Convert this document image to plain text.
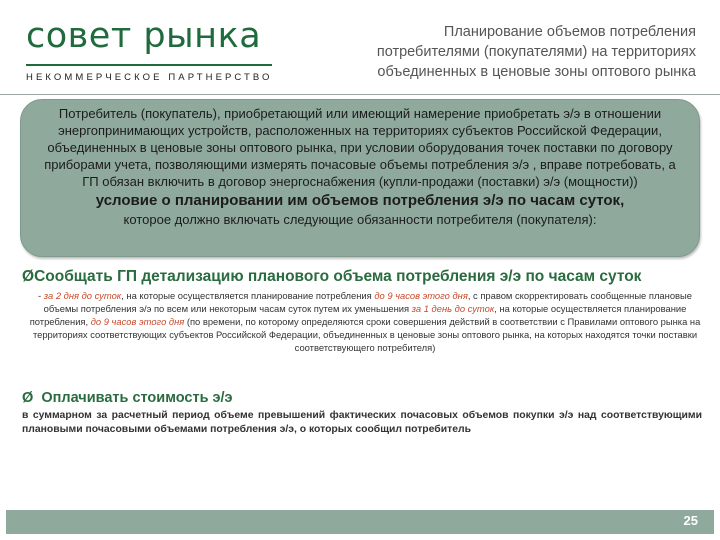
совет рынка
НЕКОММЕРЧЕСКОЕ ПАРТНЕРСТВО
Планирование объемов потребления
потребителями (покупателями) на территориях
объединенных в ценовые зоны оптового рынка
Потребитель (покупатель), приобретающий или имеющий намерение приобретать э/э в отношении энергопринимающих устройств, расположенных на территориях субъектов Российской Федерации, объединенных в ценовые зоны оптового рынка, при условии оборудования точек поставки по договору приборами учета, позволяющими измерять почасовые объемы потребления э/э , вправе потребовать, а ГП обязан включить в договор энергоснабжения (купли-продажи (поставки) э/э (мощности))
условие о планировании им объемов потребления э/э по часам суток,
которое должно включать следующие обязанности потребителя (покупателя):
ØСообщать ГП детализацию планового объема потребления э/э по часам суток
- за 2 дня до суток, на которые осуществляется планирование потребления до 9 часов этого дня, с правом скорректировать сообщенные плановые объемы потребления э/э по всем или некоторым часам суток путем их уменьшения за 1 день до суток, на которые осуществляется планирование потребления, до 9 часов этого дня (по времени, по которому определяются сроки совершения действий в соответствии с Правилами оптового рынка на территориях соответствующих субъектов Российской Федерации, объединенных в ценовые зоны оптового рынка, на которых находятся точки поставки соответствующего потребителя)
Ø Оплачивать стоимость э/э
в суммарном за расчетный период объеме превышений фактических почасовых объемов покупки э/э над соответствующими плановыми почасовыми объемами потребления э/э, о которых сообщил потребитель
25
